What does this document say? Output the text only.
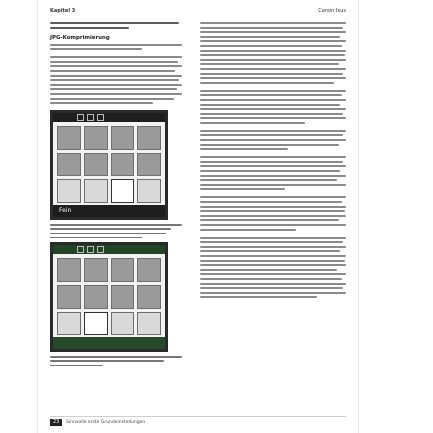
Kapitel 3	Canon Ixus
JPG-Komprimierung
Fein
23	Sinnvolle erste Grundeinstellungen
